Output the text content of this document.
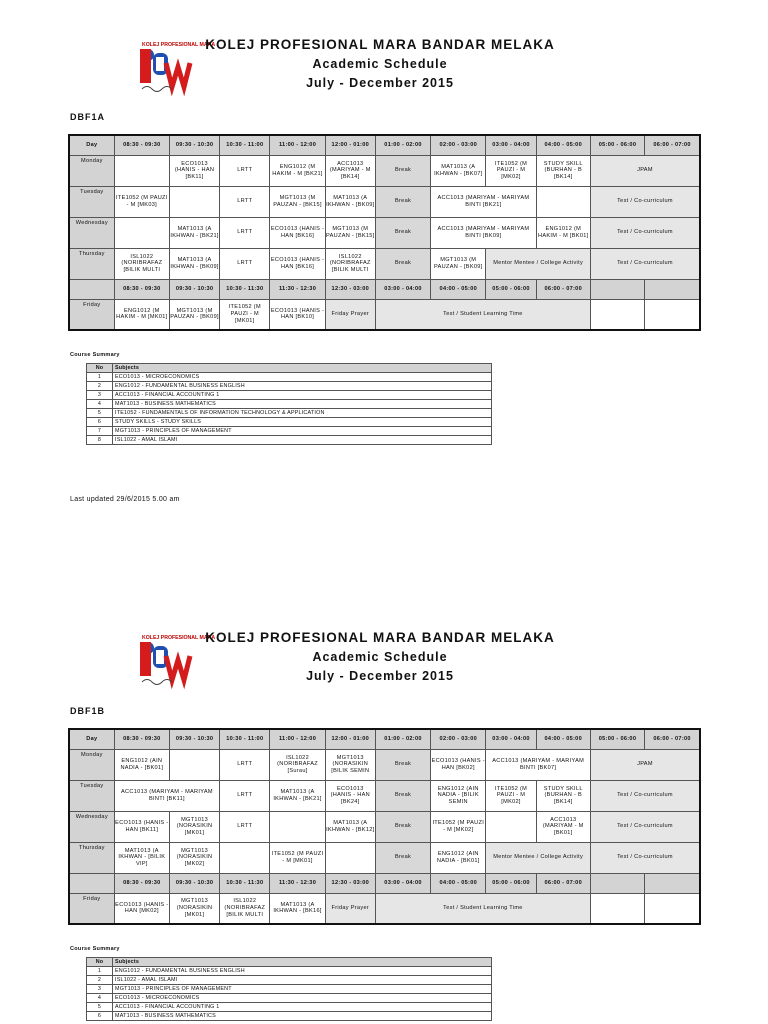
KOLEJ PROFESIONAL MARA
KOLEJ PROFESIONAL MARA BANDAR MELAKA
Academic Schedule
July - December 2015
DBF1A
Day	08:30 - 09:30	09:30 - 10:30	10:30 - 11:00	11:00 - 12:00	12:00 - 01:00	01:00 - 02:00	02:00 - 03:00	03:00 - 04:00	04:00 - 05:00	05:00 - 06:00	06:00 - 07:00
Monday		ECO1013 (HANIS - HAN [BK11]	LRTT	ENG1012 (M HAKIM - M [BK21]	ACC1013 (MARIYAM - M [BK14]	Break	MAT1013 (A IKHWAN - [BK07]	ITE1052 (M PAUZI - M [MK02]	STUDY SKILL (BURHAN - B [BK14]	JPAM	
Tuesday	ITE1052 (M PAUZI - M [MK03]		LRTT	MGT1013 (M PAUZAN - [BK15]	MAT1013 (A IKHWAN - [BK09]	Break	ACC1013 (MARIYAM - MARIYAM BINTI [BK21]			Test / Co-curriculum	
Wednesday		MAT1013 (A IKHWAN - [BK21]	LRTT	ECO1013 (HANIS - HAN [BK16]	MGT1013 (M PAUZAN - [BK15]	Break	ACC1013 (MARIYAM - MARIYAM BINTI [BK09]		ENG1012 (M HAKIM - M [BK01]	Test / Co-curriculum	
Thursday	ISL1022 (NORIBRAFAZ [BILIK MULTI	MAT1013 (A IKHWAN - [BK09]	LRTT	ECO1013 (HANIS - HAN [BK16]	ISL1022 (NORIBRAFAZ [BILIK MULTI	Break	MGT1013 (M PAUZAN - [BK09]	Mentor Mentee / College Activity		Test / Co-curriculum	
	08:30 - 09:30	09:30 - 10:30	10:30 - 11:30	11:30 - 12:30	12:30 - 03:00	03:00 - 04:00	04:00 - 05:00	05:00 - 06:00	06:00 - 07:00		
Friday	ENG1012 (M HAKIM - M [MK01]	MGT1013 (M PAUZAN - [BK09]	ITE1052 (M PAUZI - M [MK01]	ECO1013 (HANIS - HAN [BK10]	Friday Prayer	Test / Student Learning Time					
Course Summary
No	Subjects
1	ECO1013 - MICROECONOMICS
2	ENG1012 - FUNDAMENTAL BUSINESS ENGLISH
3	ACC1013 - FINANCIAL ACCOUNTING 1
4	MAT1013 - BUSINESS MATHEMATICS
5	ITE1052 - FUNDAMENTALS OF INFORMATION TECHNOLOGY & APPLICATION
6	STUDY SKILLS - STUDY SKILLS
7	MGT1013 - PRINCIPLES OF MANAGEMENT
8	ISL1022 - AMAL ISLAMI
Last updated 29/6/2015 5.00 am
KOLEJ PROFESIONAL MARA
KOLEJ PROFESIONAL MARA BANDAR MELAKA
Academic Schedule
July - December 2015
DBF1B
Day	08:30 - 09:30	09:30 - 10:30	10:30 - 11:00	11:00 - 12:00	12:00 - 01:00	01:00 - 02:00	02:00 - 03:00	03:00 - 04:00	04:00 - 05:00	05:00 - 06:00	06:00 - 07:00
Monday	ENG1012 (AIN NADIA - [BK01]		LRTT	ISL1022 (NORIBRAFAZ [Surau]	MGT1013 (NORASIKIN [BILIK SEMIN	Break	ECO1013 (HANIS - HAN [BK02]	ACC1013 (MARIYAM - MARIYAM BINTI [BK07]		JPAM	
Tuesday	ACC1013 (MARIYAM - MARIYAM BINTI [BK11]		LRTT	MAT1013 (A IKHWAN - [BK21]	ECO1013 (HANIS - HAN [BK24]	Break	ENG1012 (AIN NADIA - [BILIK SEMIN	ITE1052 (M PAUZI - M [MK02]	STUDY SKILL (BURHAN - B [BK14]	Test / Co-curriculum	
Wednesday	ECO1013 (HANIS - HAN [BK11]	MGT1013 (NORASIKIN [MK01]	LRTT		MAT1013 (A IKHWAN - [BK12]	Break	ITE1052 (M PAUZI - M [MK02]		ACC1013 (MARIYAM - M [BK01]	Test / Co-curriculum	
Thursday	MAT1013 (A IKHWAN - [BILIK VIP]	MGT1013 (NORASIKIN [MK02]		ITE1052 (M PAUZI - M [MK01]		Break	ENG1012 (AIN NADIA - [BK01]	Mentor Mentee / College Activity		Test / Co-curriculum	
	08:30 - 09:30	09:30 - 10:30	10:30 - 11:30	11:30 - 12:30	12:30 - 03:00	03:00 - 04:00	04:00 - 05:00	05:00 - 06:00	06:00 - 07:00		
Friday	ECO1013 (HANIS - HAN [MK02]	MGT1013 (NORASIKIN [MK01]	ISL1022 (NORIBRAFAZ [BILIK MULTI	MAT1013 (A IKHWAN - [BK16]	Friday Prayer	Test / Student Learning Time					
Course Summary
No	Subjects
1	ENG1012 - FUNDAMENTAL BUSINESS ENGLISH
2	ISL1022 - AMAL ISLAMI
3	MGT1013 - PRINCIPLES OF MANAGEMENT
4	ECO1013 - MICROECONOMICS
5	ACC1013 - FINANCIAL ACCOUNTING 1
6	MAT1013 - BUSINESS MATHEMATICS
